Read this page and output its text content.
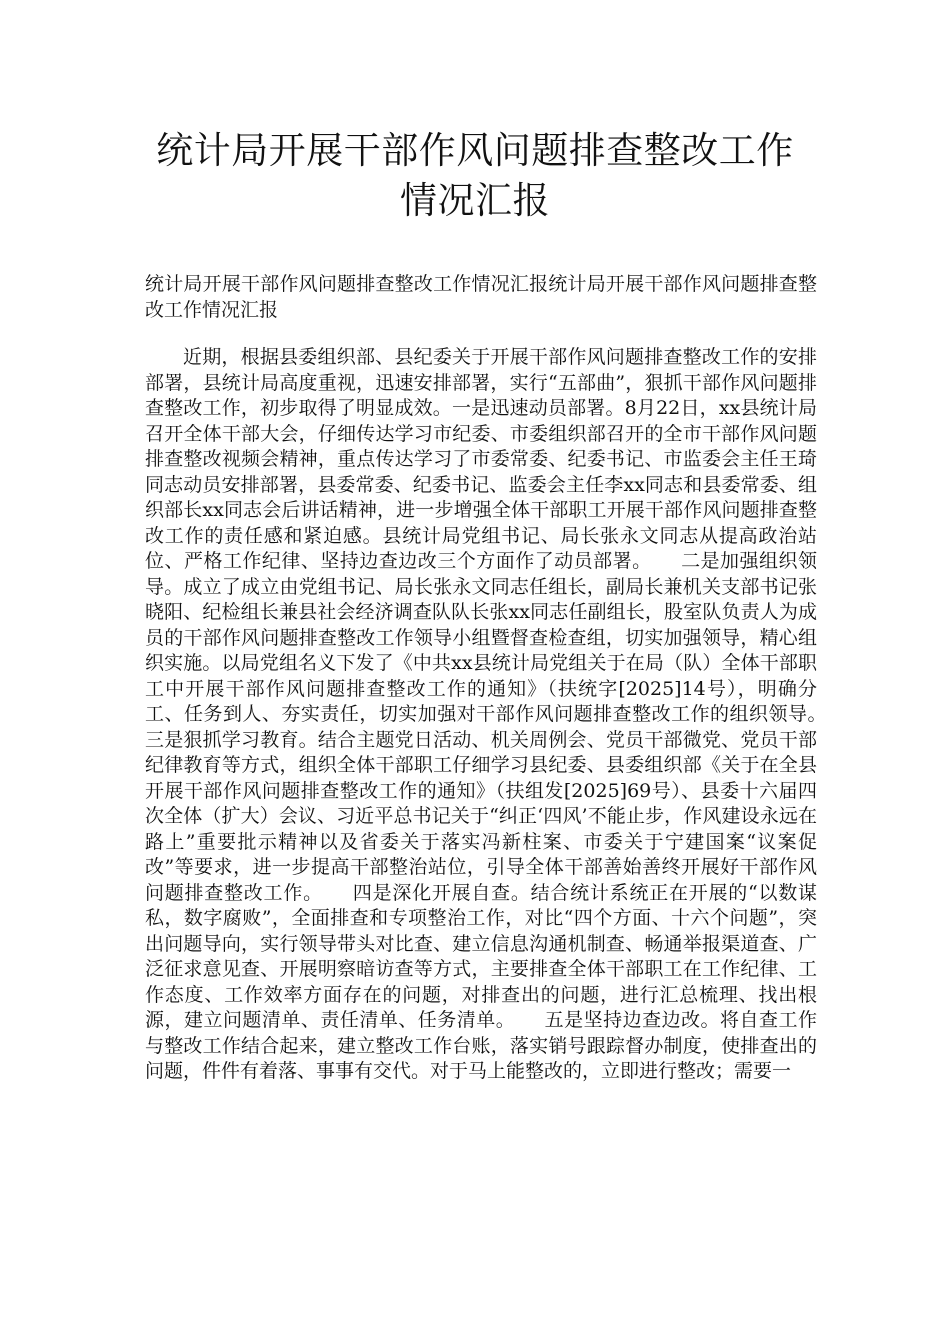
统计局开展干部作风问题排查整改工作
情况汇报

统计局开展干部作风问题排查整改工作情况汇报统计局开展干部作风问题排查整改工作情况汇报

近期，根据县委组织部、县纪委关于开展干部作风问题排查整改工作的安排部署，县统计局高度重视，迅速安排部署，实行“五部曲”，狠抓干部作风问题排查整改工作，初步取得了明显成效。一是迅速动员部署。8月22日，xx县统计局召开全体干部大会，仔细传达学习市纪委、市委组织部召开的全市干部作风问题排查整改视频会精神，重点传达学习了市委常委、纪委书记、市监委会主任王琦同志动员安排部署，县委常委、纪委书记、监委会主任李xx同志和县委常委、组织部长xx同志会后讲话精神，进一步增强全体干部职工开展干部作风问题排查整改工作的责任感和紧迫感。县统计局党组书记、局长张永文同志从提高政治站位、严格工作纪律、坚持边查边改三个方面作了动员部署。　　二是加强组织领导。成立了成立由党组书记、局长张永文同志任组长，副局长兼机关支部书记张晓阳、纪检组长兼县社会经济调查队队长张xx同志任副组长，股室队负责人为成员的干部作风问题排查整改工作领导小组暨督查检查组，切实加强领导，精心组织实施。以局党组名义下发了《中共xx县统计局党组关于在局（队）全体干部职工中开展干部作风问题排查整改工作的通知》（扶统字[2025]14号），明确分工、任务到人、夯实责任，切实加强对干部作风问题排查整改工作的组织领导。　　三是狠抓学习教育。结合主题党日活动、机关周例会、党员干部微党、党员干部纪律教育等方式，组织全体干部职工仔细学习县纪委、县委组织部《关于在全县开展干部作风问题排查整改工作的通知》（扶组发[2025]69号）、县委十六届四次全体（扩大）会议、习近平总书记关于“纠正‘四风’不能止步，作风建设永远在路上”重要批示精神以及省委关于落实冯新柱案、市委关于宁建国案“议案促改”等要求，进一步提高干部整治站位，引导全体干部善始善终开展好干部作风问题排查整改工作。　　四是深化开展自查。结合统计系统正在开展的“以数谋私，数字腐败”，全面排查和专项整治工作，对比“四个方面、十六个问题”，突出问题导向，实行领导带头对比查、建立信息沟通机制查、畅通举报渠道查、广泛征求意见查、开展明察暗访查等方式，主要排查全体干部职工在工作纪律、工作态度、工作效率方面存在的问题，对排查出的问题，进行汇总梳理、找出根源，建立问题清单、责任清单、任务清单。　　五是坚持边查边改。将自查工作与整改工作结合起来，建立整改工作台账，落实销号跟踪督办制度，使排查出的问题，件件有着落、事事有交代。对于马上能整改的，立即进行整改；需要一
